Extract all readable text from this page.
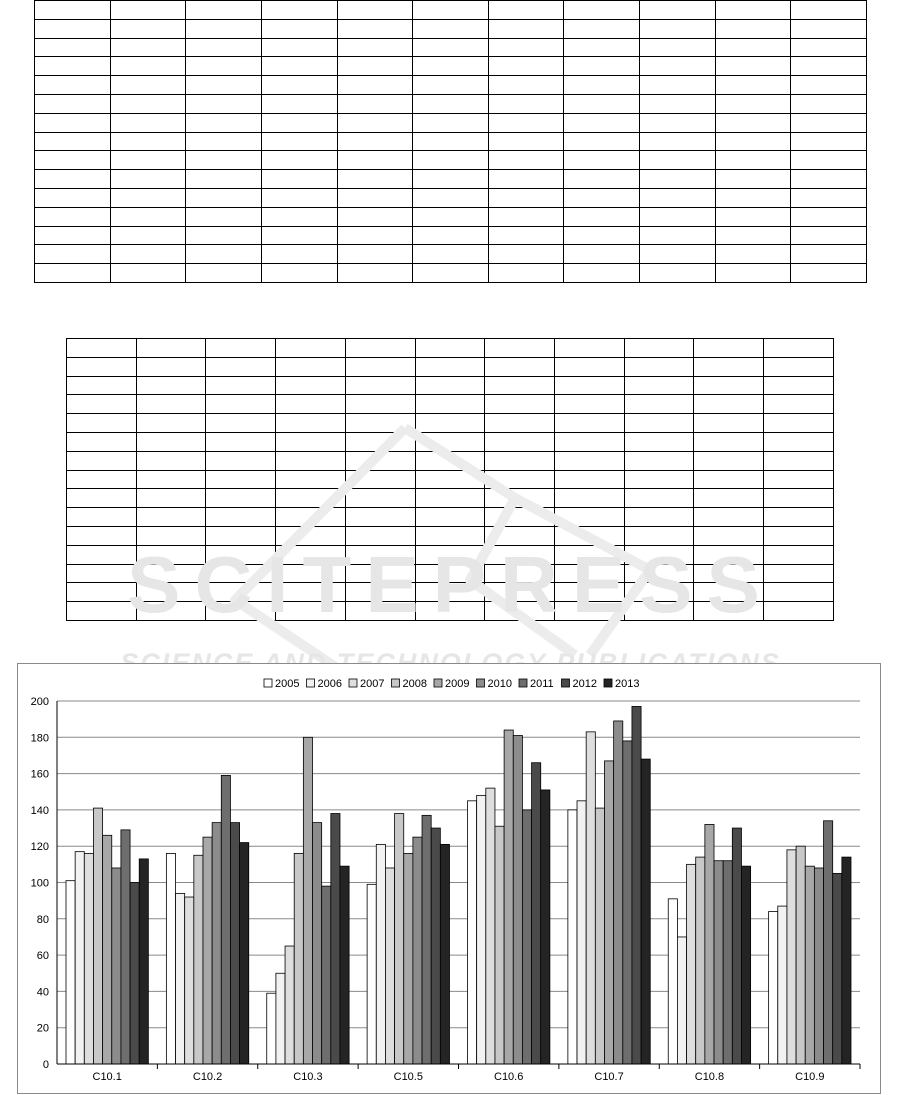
SCITEPRESS
0
20
40
60
80
100
120
140
160
180
200
C10.1	C10.2	C10.3	C10.5	C10.6	C10.7	C10.8	C10.9
2005 2006 2007 2008 2009 2010 2011 2012 2013
